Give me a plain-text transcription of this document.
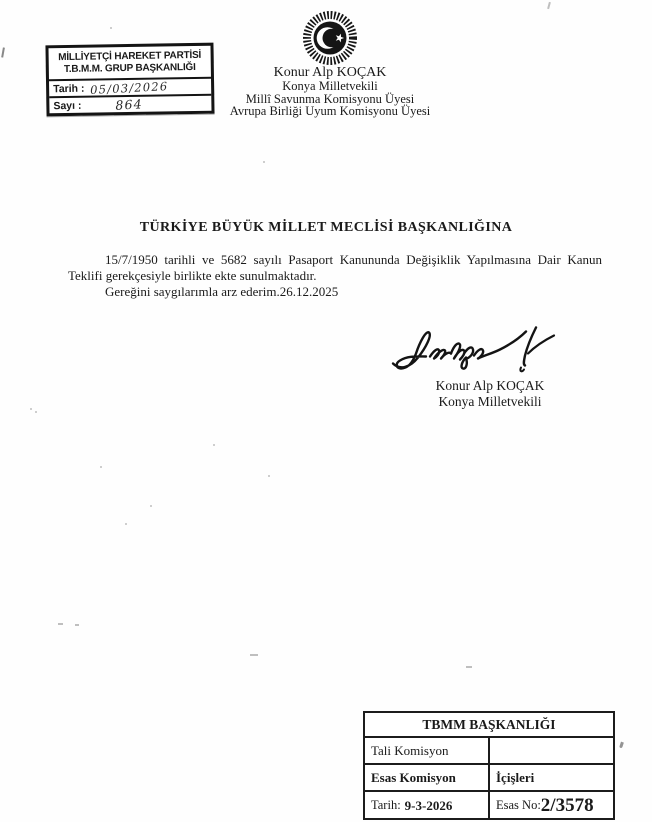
MİLLİYETÇİ HAREKET PARTİSİ
T.B.M.M. GRUP BAŞKANLIĞI
Tarih : 05/03/2026
Sayı :	864
Konur Alp KOÇAK
Konya Milletvekili
Millî Savunma Komisyonu Üyesi
Avrupa Birliği Uyum Komisyonu Üyesi
TÜRKİYE BÜYÜK MİLLET MECLİSİ BAŞKANLIĞINA

15/7/1950 tarihli ve 5682 sayılı Pasaport Kanununda Değişiklik Yapılmasına Dair Kanun Teklifi gerekçesiyle birlikte ekte sunulmaktadır.

Gereğini saygılarımla arz ederim.26.12.2025

Konur Alp KOÇAK
Konya Milletvekili
TBMM BAŞKANLIĞI
Tali Komisyon
Esas Komisyon	İçişleri
Tarih: 9-3-2026	Esas No: 2/3578
